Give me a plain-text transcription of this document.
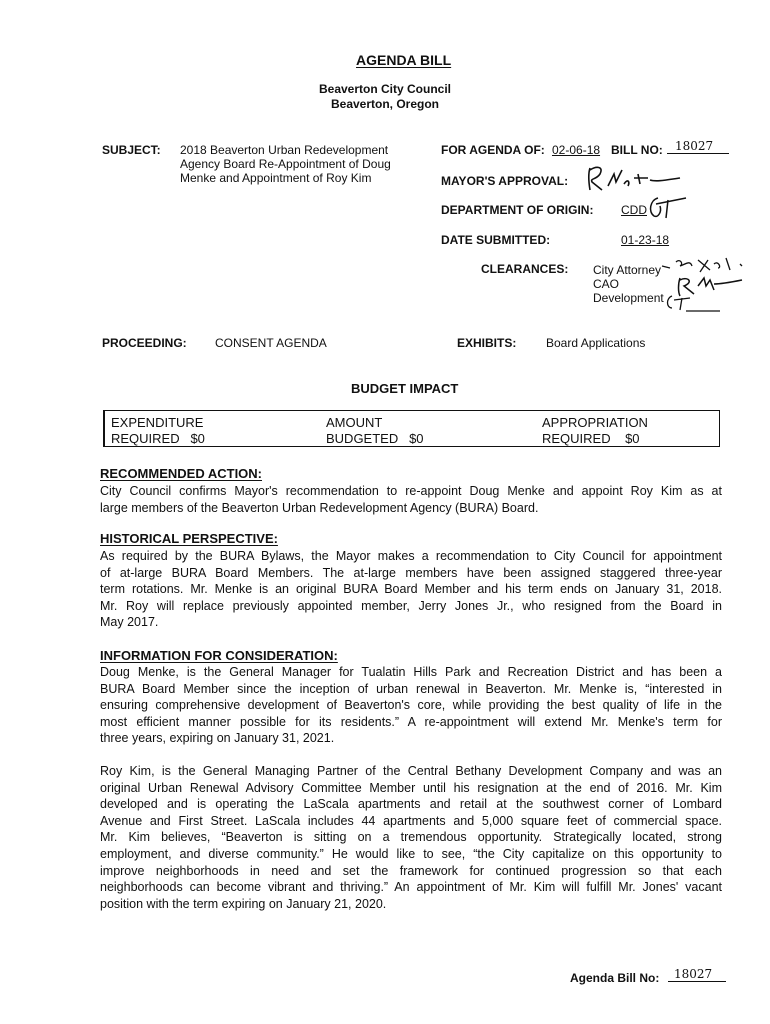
AGENDA BILL
Beaverton City Council
Beaverton, Oregon
SUBJECT: 2018 Beaverton Urban Redevelopment
Agency Board Re-Appointment of Doug
Menke and Appointment of Roy Kim
FOR AGENDA OF: 02-06-18 BILL NO:	18027
MAYOR'S APPROVAL:
DEPARTMENT OF ORIGIN: CDD
DATE SUBMITTED:	01-23-18
CLEARANCES: City Attorney
CAO
Development
PROCEEDING: CONSENT AGENDA	EXHIBITS: Board Applications
BUDGET IMPACT
EXPENDITURE
REQUIRED   $0
AMOUNT
BUDGETED   $0
APPROPRIATION
REQUIRED    $0
RECOMMENDED ACTION:
City Council confirms Mayor's recommendation to re-appoint Doug Menke and appoint Roy Kim as at
large members of the Beaverton Urban Redevelopment Agency (BURA) Board.
HISTORICAL PERSPECTIVE:
As required by the BURA Bylaws, the Mayor makes a recommendation to City Council for appointment
of at-large BURA Board Members. The at-large members have been assigned staggered three-year
term rotations. Mr. Menke is an original BURA Board Member and his term ends on January 31, 2018.
Mr. Roy will replace previously appointed member, Jerry Jones Jr., who resigned from the Board in
May 2017.
INFORMATION FOR CONSIDERATION:
Doug Menke, is the General Manager for Tualatin Hills Park and Recreation District and has been a
BURA Board Member since the inception of urban renewal in Beaverton. Mr. Menke is, “interested in
ensuring comprehensive development of Beaverton's core, while providing the best quality of life in the
most efficient manner possible for its residents.” A re-appointment will extend Mr. Menke's term for
three years, expiring on January 31, 2021.
Roy Kim, is the General Managing Partner of the Central Bethany Development Company and was an
original Urban Renewal Advisory Committee Member until his resignation at the end of 2016. Mr. Kim
developed and is operating the LaScala apartments and retail at the southwest corner of Lombard
Avenue and First Street. LaScala includes 44 apartments and 5,000 square feet of commercial space.
Mr. Kim believes, “Beaverton is sitting on a tremendous opportunity. Strategically located, strong
employment, and diverse community.” He would like to see, “the City capitalize on this opportunity to
improve neighborhoods in need and set the framework for continued progression so that each
neighborhoods can become vibrant and thriving.” An appointment of Mr. Kim will fulfill Mr. Jones' vacant
position with the term expiring on January 21, 2020.
Agenda Bill No:	18027
